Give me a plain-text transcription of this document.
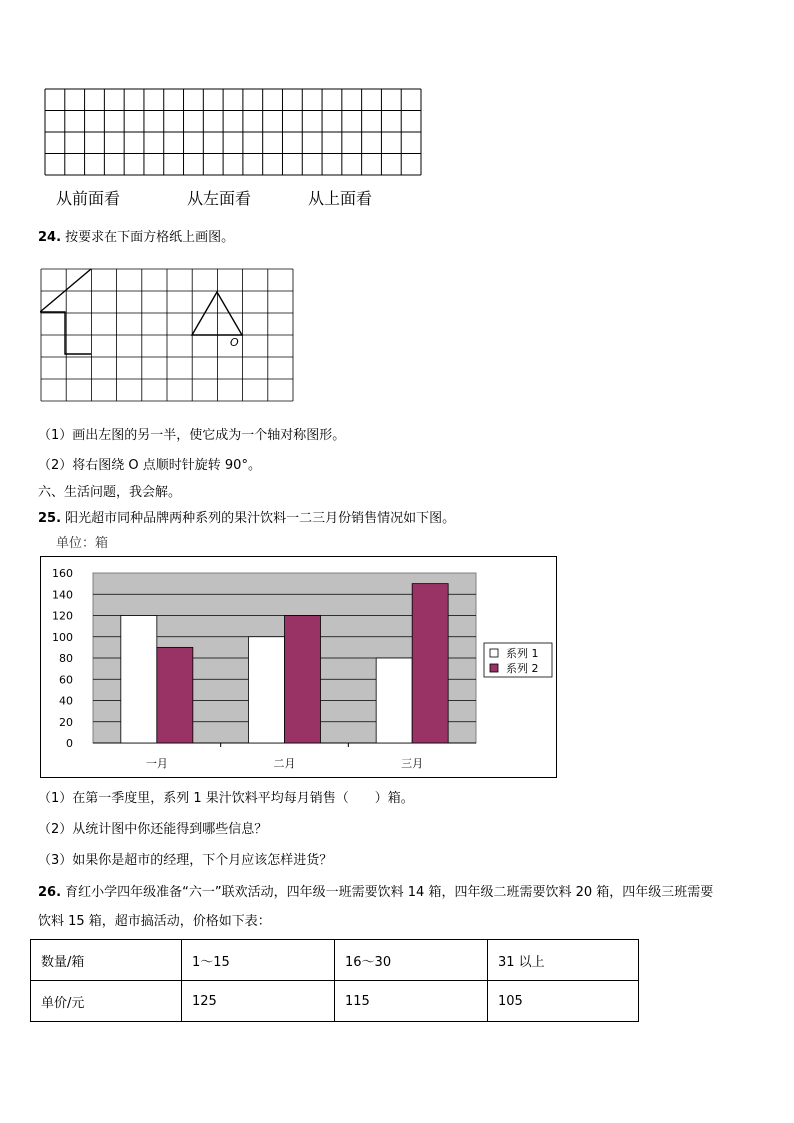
从前面看	从左面看	从上面看
24. 按要求在下面方格纸上画图。
O
（1）画出左图的另一半，使它成为一个轴对称图形。
（2）将右图绕 O 点顺时针旋转 90°。
六、生活问题，我会解。
25. 阳光超市同种品牌两种系列的果汁饮料一二三月份销售情况如下图。
单位：箱
0
20
40
60
80
100
120
140
160
一月	二月	三月
系列 1
系列 2
（1）在第一季度里，系列 1 果汁饮料平均每月销售（　　）箱。
（2）从统计图中你还能得到哪些信息？
（3）如果你是超市的经理，下个月应该怎样进货？
26. 育红小学四年级准备“六一”联欢活动，四年级一班需要饮料 14 箱，四年级二班需要饮料 20 箱，四年级三班需要
饮料 15 箱，超市搞活动，价格如下表：
数量/箱	1～15	16～30	31 以上
单价/元	125	115	105
